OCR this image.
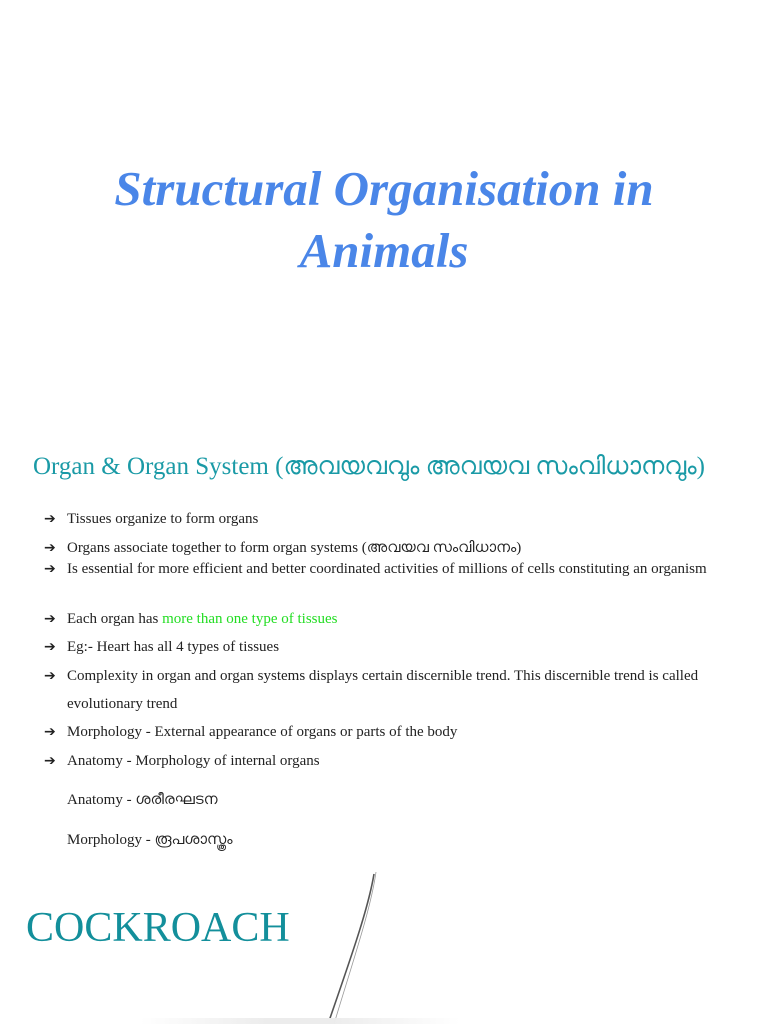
Structural Organisation in
Animals
Organ & Organ System (അവയവവും അവയവ സംവിധാനവും)
➔ Tissues organize to form organs
➔ Organs associate together to form organ systems (അവയവ സംവിധാനം)
➔ Is essential for more efficient and better coordinated activities of millions of cells constituting an organism
➔ Each organ has more than one type of tissues
➔ Eg:- Heart has all 4 types of tissues
➔ Complexity in organ and organ systems displays certain discernible trend. This discernible trend is called evolutionary trend
➔ Morphology - External appearance of organs or parts of the body
➔ Anatomy - Morphology of internal organs
Anatomy - ശരീരഘടന
Morphology - രൂപശാസ്ത്രം
COCKROACH
